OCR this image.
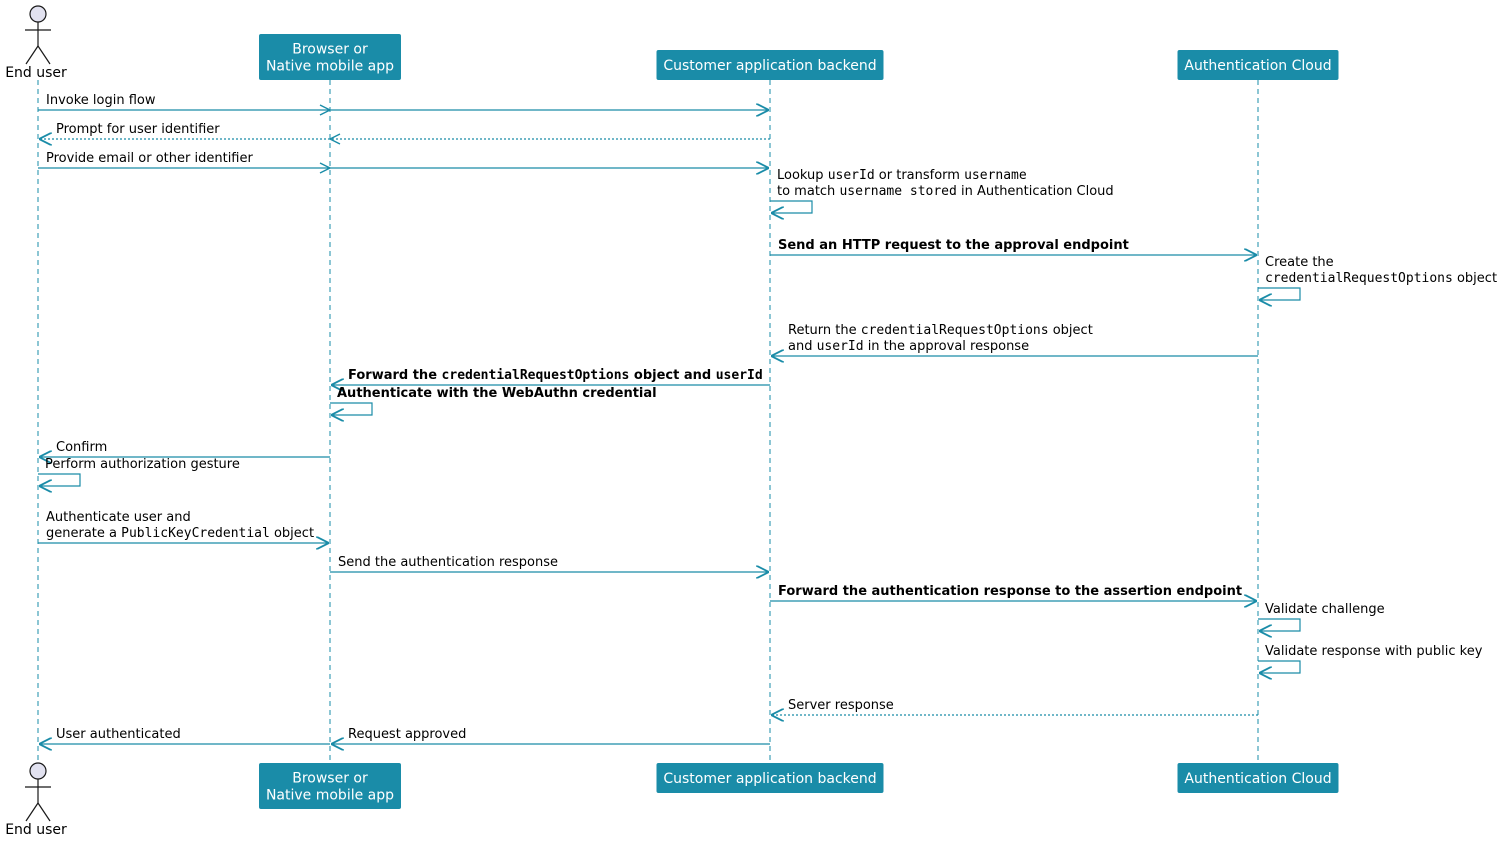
End user
Browser or
Native mobile app	Customer application backend	Authentication Cloud
End user
Browser or
Native mobile app
Customer application backend	Authentication Cloud
Invoke login flow
Prompt for user identifier
Provide email or other identifier
Lookup userId or transform username
to match username stored in Authentication Cloud
Send an HTTP request to the approval endpoint
Create the
credentialRequestOptions object
Return the credentialRequestOptions object
and userId in the approval response
Forward the credentialRequestOptions object and userId
Authenticate with the WebAuthn credential
Confirm
Perform authorization gesture
Authenticate user and
generate a PublicKeyCredential object
Send the authentication response
Forward the authentication response to the assertion endpoint
Validate challenge
Validate response with public key
Server response
Request approved
User authenticated
